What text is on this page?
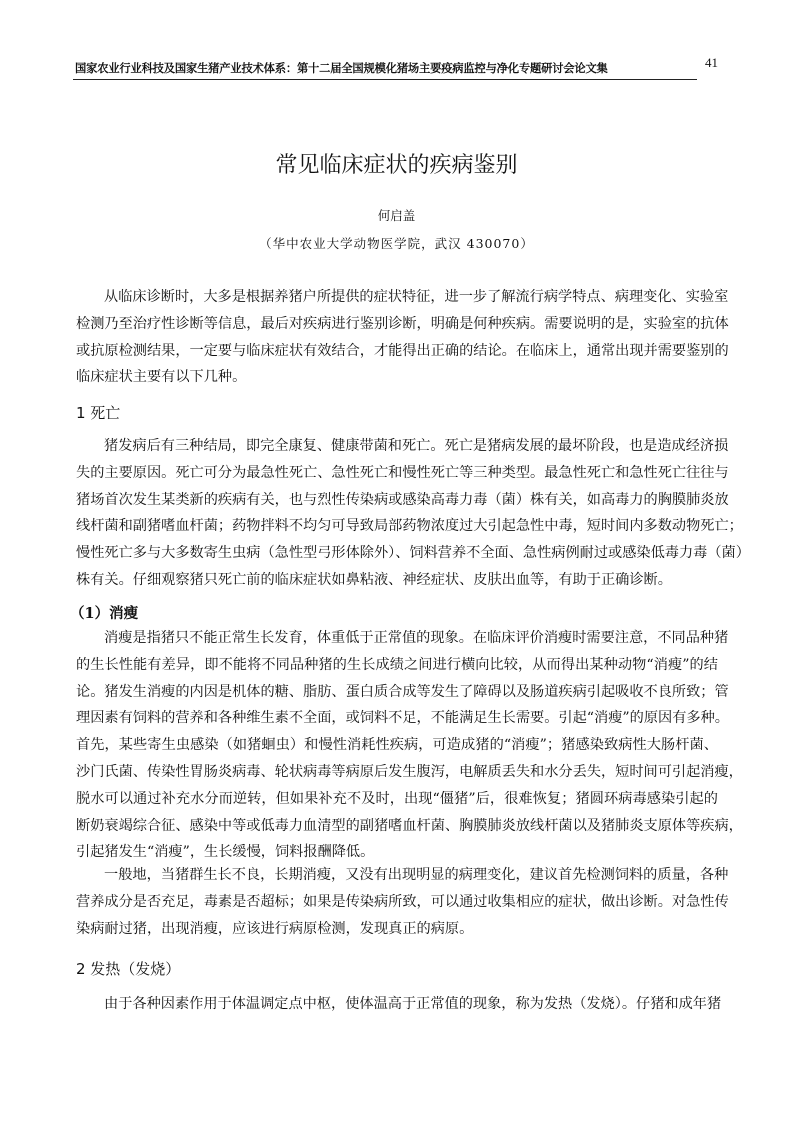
国家农业行业科技及国家生猪产业技术体系：第十二届全国规模化猪场主要疫病监控与净化专题研讨会论文集	41
常见临床症状的疾病鉴别
何启盖
（华中农业大学动物医学院，武汉 430070）
从临床诊断时，大多是根据养猪户所提供的症状特征，进一步了解流行病学特点、病理变化、实验室
检测乃至治疗性诊断等信息，最后对疾病进行鉴别诊断，明确是何种疾病。需要说明的是，实验室的抗体
或抗原检测结果，一定要与临床症状有效结合，才能得出正确的结论。在临床上，通常出现并需要鉴别的
临床症状主要有以下几种。
1 死亡
猪发病后有三种结局，即完全康复、健康带菌和死亡。死亡是猪病发展的最坏阶段，也是造成经济损
失的主要原因。死亡可分为最急性死亡、急性死亡和慢性死亡等三种类型。最急性死亡和急性死亡往往与
猪场首次发生某类新的疾病有关，也与烈性传染病或感染高毒力毒（菌）株有关，如高毒力的胸膜肺炎放
线杆菌和副猪嗜血杆菌；药物拌料不均匀可导致局部药物浓度过大引起急性中毒，短时间内多数动物死亡；
慢性死亡多与大多数寄生虫病（急性型弓形体除外）、饲料营养不全面、急性病例耐过或感染低毒力毒（菌）
株有关。仔细观察猪只死亡前的临床症状如鼻粘液、神经症状、皮肤出血等，有助于正确诊断。
（1）消瘦
消瘦是指猪只不能正常生长发育，体重低于正常值的现象。在临床评价消瘦时需要注意，不同品种猪
的生长性能有差异，即不能将不同品种猪的生长成绩之间进行横向比较，从而得出某种动物“消瘦”的结
论。猪发生消瘦的内因是机体的糖、脂肪、蛋白质合成等发生了障碍以及肠道疾病引起吸收不良所致；管
理因素有饲料的营养和各种维生素不全面，或饲料不足，不能满足生长需要。引起“消瘦”的原因有多种。
首先，某些寄生虫感染（如猪蛔虫）和慢性消耗性疾病，可造成猪的“消瘦”；猪感染致病性大肠杆菌、
沙门氏菌、传染性胃肠炎病毒、轮状病毒等病原后发生腹泻，电解质丢失和水分丢失，短时间可引起消瘦，
脱水可以通过补充水分而逆转，但如果补充不及时，出现“僵猪”后，很难恢复；猪圆环病毒感染引起的
断奶衰竭综合征、感染中等或低毒力血清型的副猪嗜血杆菌、胸膜肺炎放线杆菌以及猪肺炎支原体等疾病，
引起猪发生“消瘦”，生长缓慢，饲料报酬降低。
一般地，当猪群生长不良，长期消瘦，又没有出现明显的病理变化，建议首先检测饲料的质量，各种
营养成分是否充足，毒素是否超标；如果是传染病所致，可以通过收集相应的症状，做出诊断。对急性传
染病耐过猪，出现消瘦，应该进行病原检测，发现真正的病原。
2 发热（发烧）
由于各种因素作用于体温调定点中枢，使体温高于正常值的现象，称为发热（发烧）。仔猪和成年猪
